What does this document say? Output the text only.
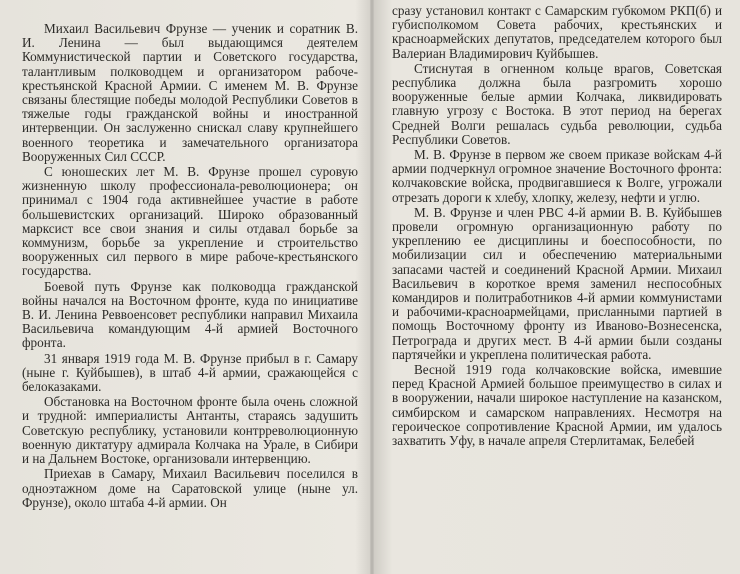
Михаил Васильевич Фрунзе — ученик и соратник В. И. Ленина — был выдающимся деятелем Коммунистической партии и Советского государства, талантливым полководцем и организатором рабоче-крестьянской Красной Армии. С именем М. В. Фрунзе связаны блестящие победы молодой Республики Советов в тяжелые годы гражданской войны и иностранной интервенции. Он заслуженно снискал славу крупнейшего военного теоретика и замечательного организатора Вооруженных Сил СССР.

С юношеских лет М. В. Фрунзе прошел суровую жизненную школу профессионала-революционера; он принимал с 1904 года активнейшее участие в работе большевистских организаций. Широко образованный марксист все свои знания и силы отдавал борьбе за коммунизм, борьбе за укрепление и строительство вооруженных сил первого в мире рабоче-крестьянского государства.

Боевой путь Фрунзе как полководца гражданской войны начался на Восточном фронте, куда по инициативе В. И. Ленина Реввоенсовет республики направил Михаила Васильевича командующим 4-й армией Восточного фронта.

31 января 1919 года М. В. Фрунзе прибыл в г. Самару (ныне г. Куйбышев), в штаб 4-й армии, сражающейся с белоказаками.

Обстановка на Восточном фронте была очень сложной и трудной: империалисты Антанты, стараясь задушить Советскую республику, установили контрреволюционную военную диктатуру адмирала Колчака на Урале, в Сибири и на Дальнем Востоке, организовали интервенцию.

Приехав в Самару, Михаил Васильевич поселился в одноэтажном доме на Саратовской улице (ныне ул. Фрунзе), около штаба 4-й армии. Он

сразу установил контакт с Самарским губкомом РКП(б) и губисполкомом Совета рабочих, крестьянских и красноармейских депутатов, председателем которого был Валериан Владимирович Куйбышев.

Стиснутая в огненном кольце врагов, Советская республика должна была разгромить хорошо вооруженные белые армии Колчака, ликвидировать главную угрозу с Востока. В этот период на берегах Средней Волги решалась судьба революции, судьба Республики Советов.

М. В. Фрунзе в первом же своем приказе войскам 4-й армии подчеркнул огромное значение Восточного фронта: колчаковские войска, продвигавшиеся к Волге, угрожали отрезать дороги к хлебу, хлопку, железу, нефти и углю.

М. В. Фрунзе и член РВС 4-й армии В. В. Куйбышев провели огромную организационную работу по укреплению ее дисциплины и боеспособности, по мобилизации сил и обеспечению материальными запасами частей и соединений Красной Армии. Михаил Васильевич в короткое время заменил неспособных командиров и политработников 4-й армии коммунистами и рабочими-красноармейцами, присланными партией в помощь Восточному фронту из Иваново-Вознесенска, Петрограда и других мест. В 4-й армии были созданы партячейки и укреплена политическая работа.

Весной 1919 года колчаковские войска, имевшие перед Красной Армией большое преимущество в силах и в вооружении, начали широкое наступление на казанском, симбирском и самарском направлениях. Несмотря на героическое сопротивление Красной Армии, им удалось захватить Уфу, в начале апреля Стерлитамак, Белебей
